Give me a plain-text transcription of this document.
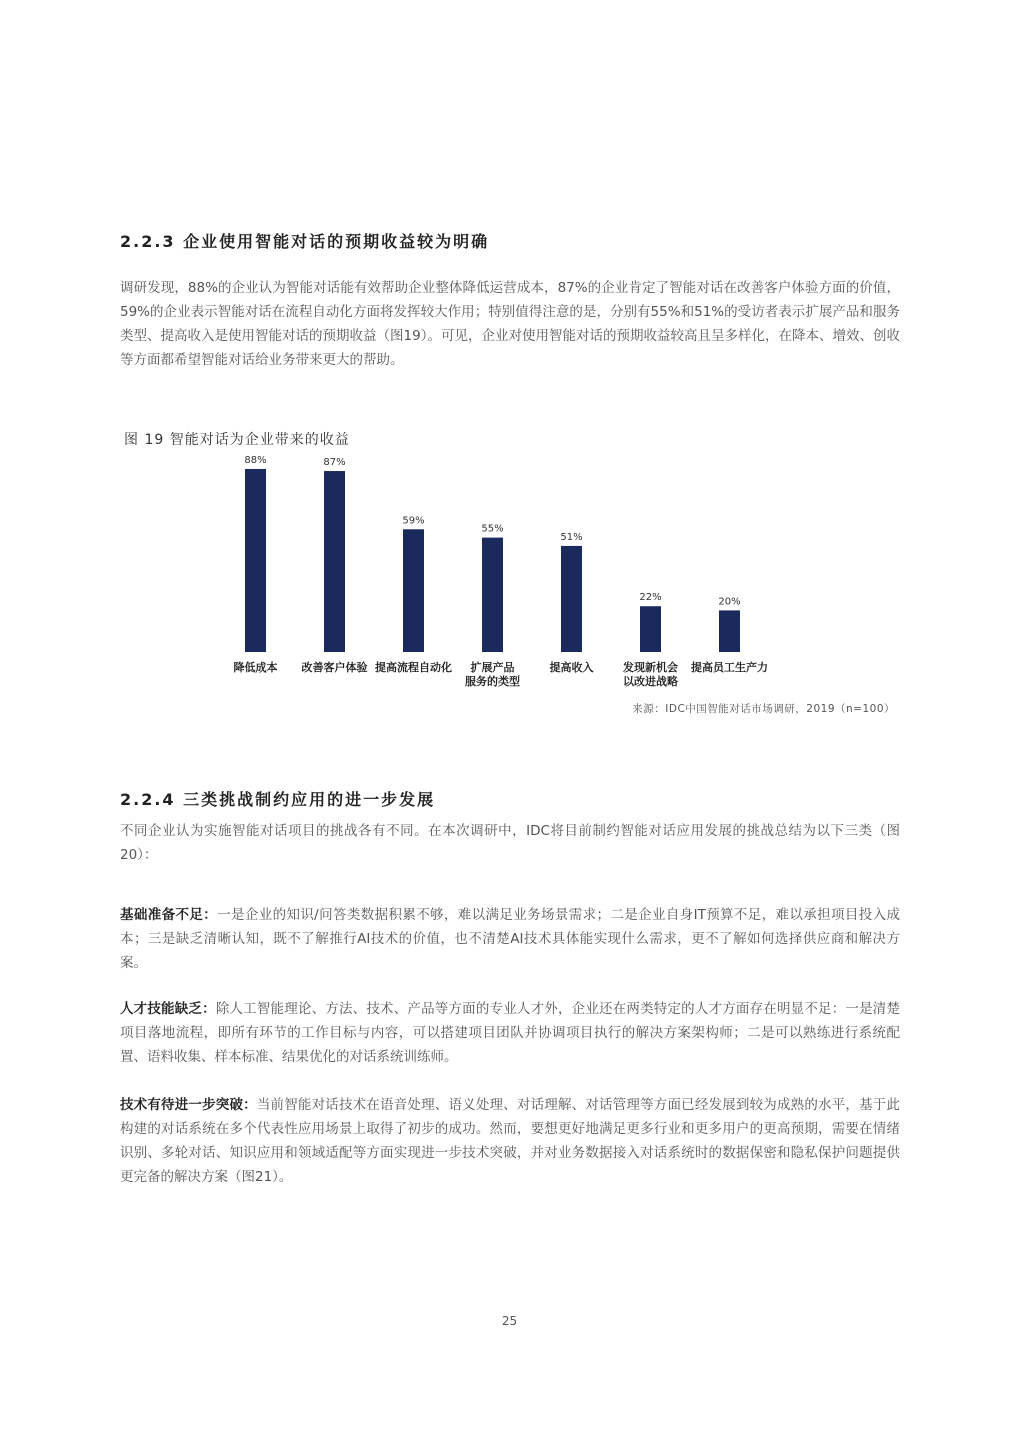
2.2.3 企业使用智能对话的预期收益较为明确

调研发现，88%的企业认为智能对话能有效帮助企业整体降低运营成本，87%的企业肯定了智能对话在改善客户体验方面的价值，59%的企业表示智能对话在流程自动化方面将发挥较大作用；特别值得注意的是，分别有55%和51%的受访者表示扩展产品和服务类型、提高收入是使用智能对话的预期收益（图19）。可见，企业对使用智能对话的预期收益较高且呈多样化，在降本、增效、创收等方面都希望智能对话给业务带来更大的帮助。

图 19 智能对话为企业带来的收益
88%
降低成本
87%
改善客户体验
59%
提高流程自动化
55%
扩展产品
服务的类型
51%
提高收入
22%
发现新机会
以改进战略
20%
提高员工生产力
来源：IDC中国智能对话市场调研，2019（n=100）
2.2.4 三类挑战制约应用的进一步发展

不同企业认为实施智能对话项目的挑战各有不同。在本次调研中，IDC将目前制约智能对话应用发展的挑战总结为以下三类（图20）：

基础准备不足：一是企业的知识/问答类数据积累不够，难以满足业务场景需求；二是企业自身IT预算不足，难以承担项目投入成本；三是缺乏清晰认知，既不了解推行AI技术的价值，也不清楚AI技术具体能实现什么需求，更不了解如何选择供应商和解决方案。

人才技能缺乏：除人工智能理论、方法、技术、产品等方面的专业人才外，企业还在两类特定的人才方面存在明显不足：一是清楚项目落地流程，即所有环节的工作目标与内容，可以搭建项目团队并协调项目执行的解决方案架构师；二是可以熟练进行系统配置、语料收集、样本标准、结果优化的对话系统训练师。

技术有待进一步突破：当前智能对话技术在语音处理、语义处理、对话理解、对话管理等方面已经发展到较为成熟的水平，基于此构建的对话系统在多个代表性应用场景上取得了初步的成功。然而，要想更好地满足更多行业和更多用户的更高预期，需要在情绪识别、多轮对话、知识应用和领域适配等方面实现进一步技术突破，并对业务数据接入对话系统时的数据保密和隐私保护问题提供更完备的解决方案（图21）。

25
